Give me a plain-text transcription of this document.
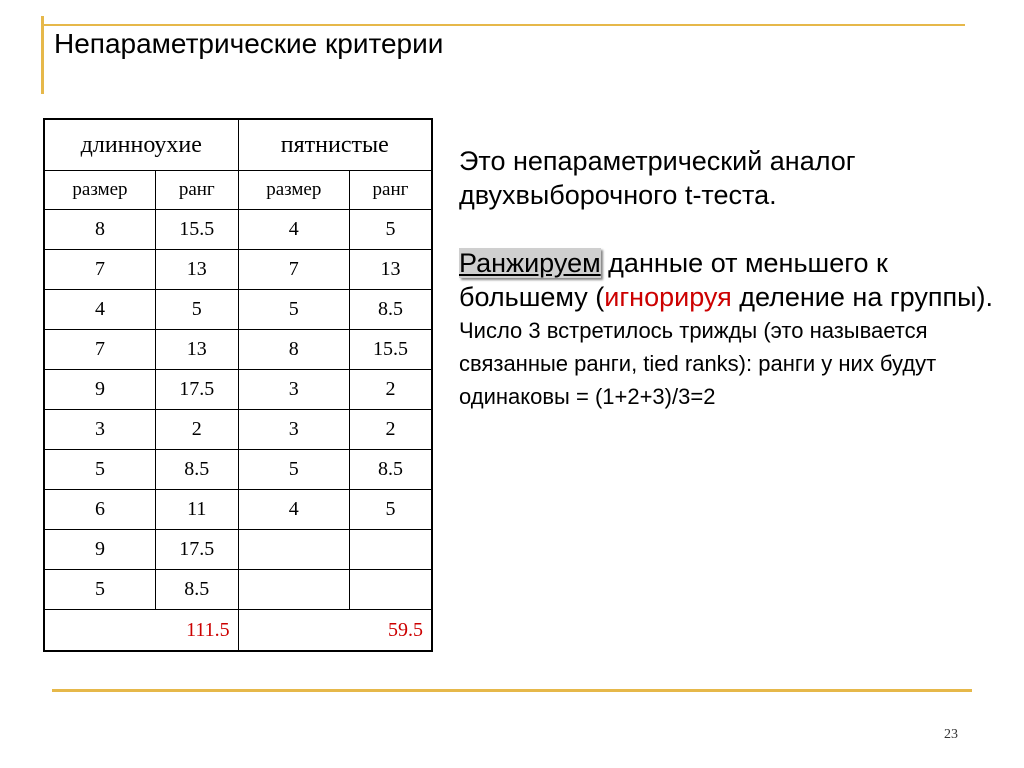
Непараметрические критерии
длинноухие		пятнистые	
размер	ранг	размер	ранг
8	15.5	4	5
7	13	7	13
4	5	5	8.5
7	13	8	15.5
9	17.5	3	2
3	2	3	2
5	8.5	5	8.5
6	11	4	5
9	17.5		
5	8.5		
111.5		59.5	

Это непараметрический аналог двухвыборочного t-теста.

Ранжируем данные от меньшего к большему (игнорируя деление на группы).

Число 3 встретилось трижды (это называется связанные ранги, tied ranks): ранги у них будут одинаковы = (1+2+3)/3=2

23
